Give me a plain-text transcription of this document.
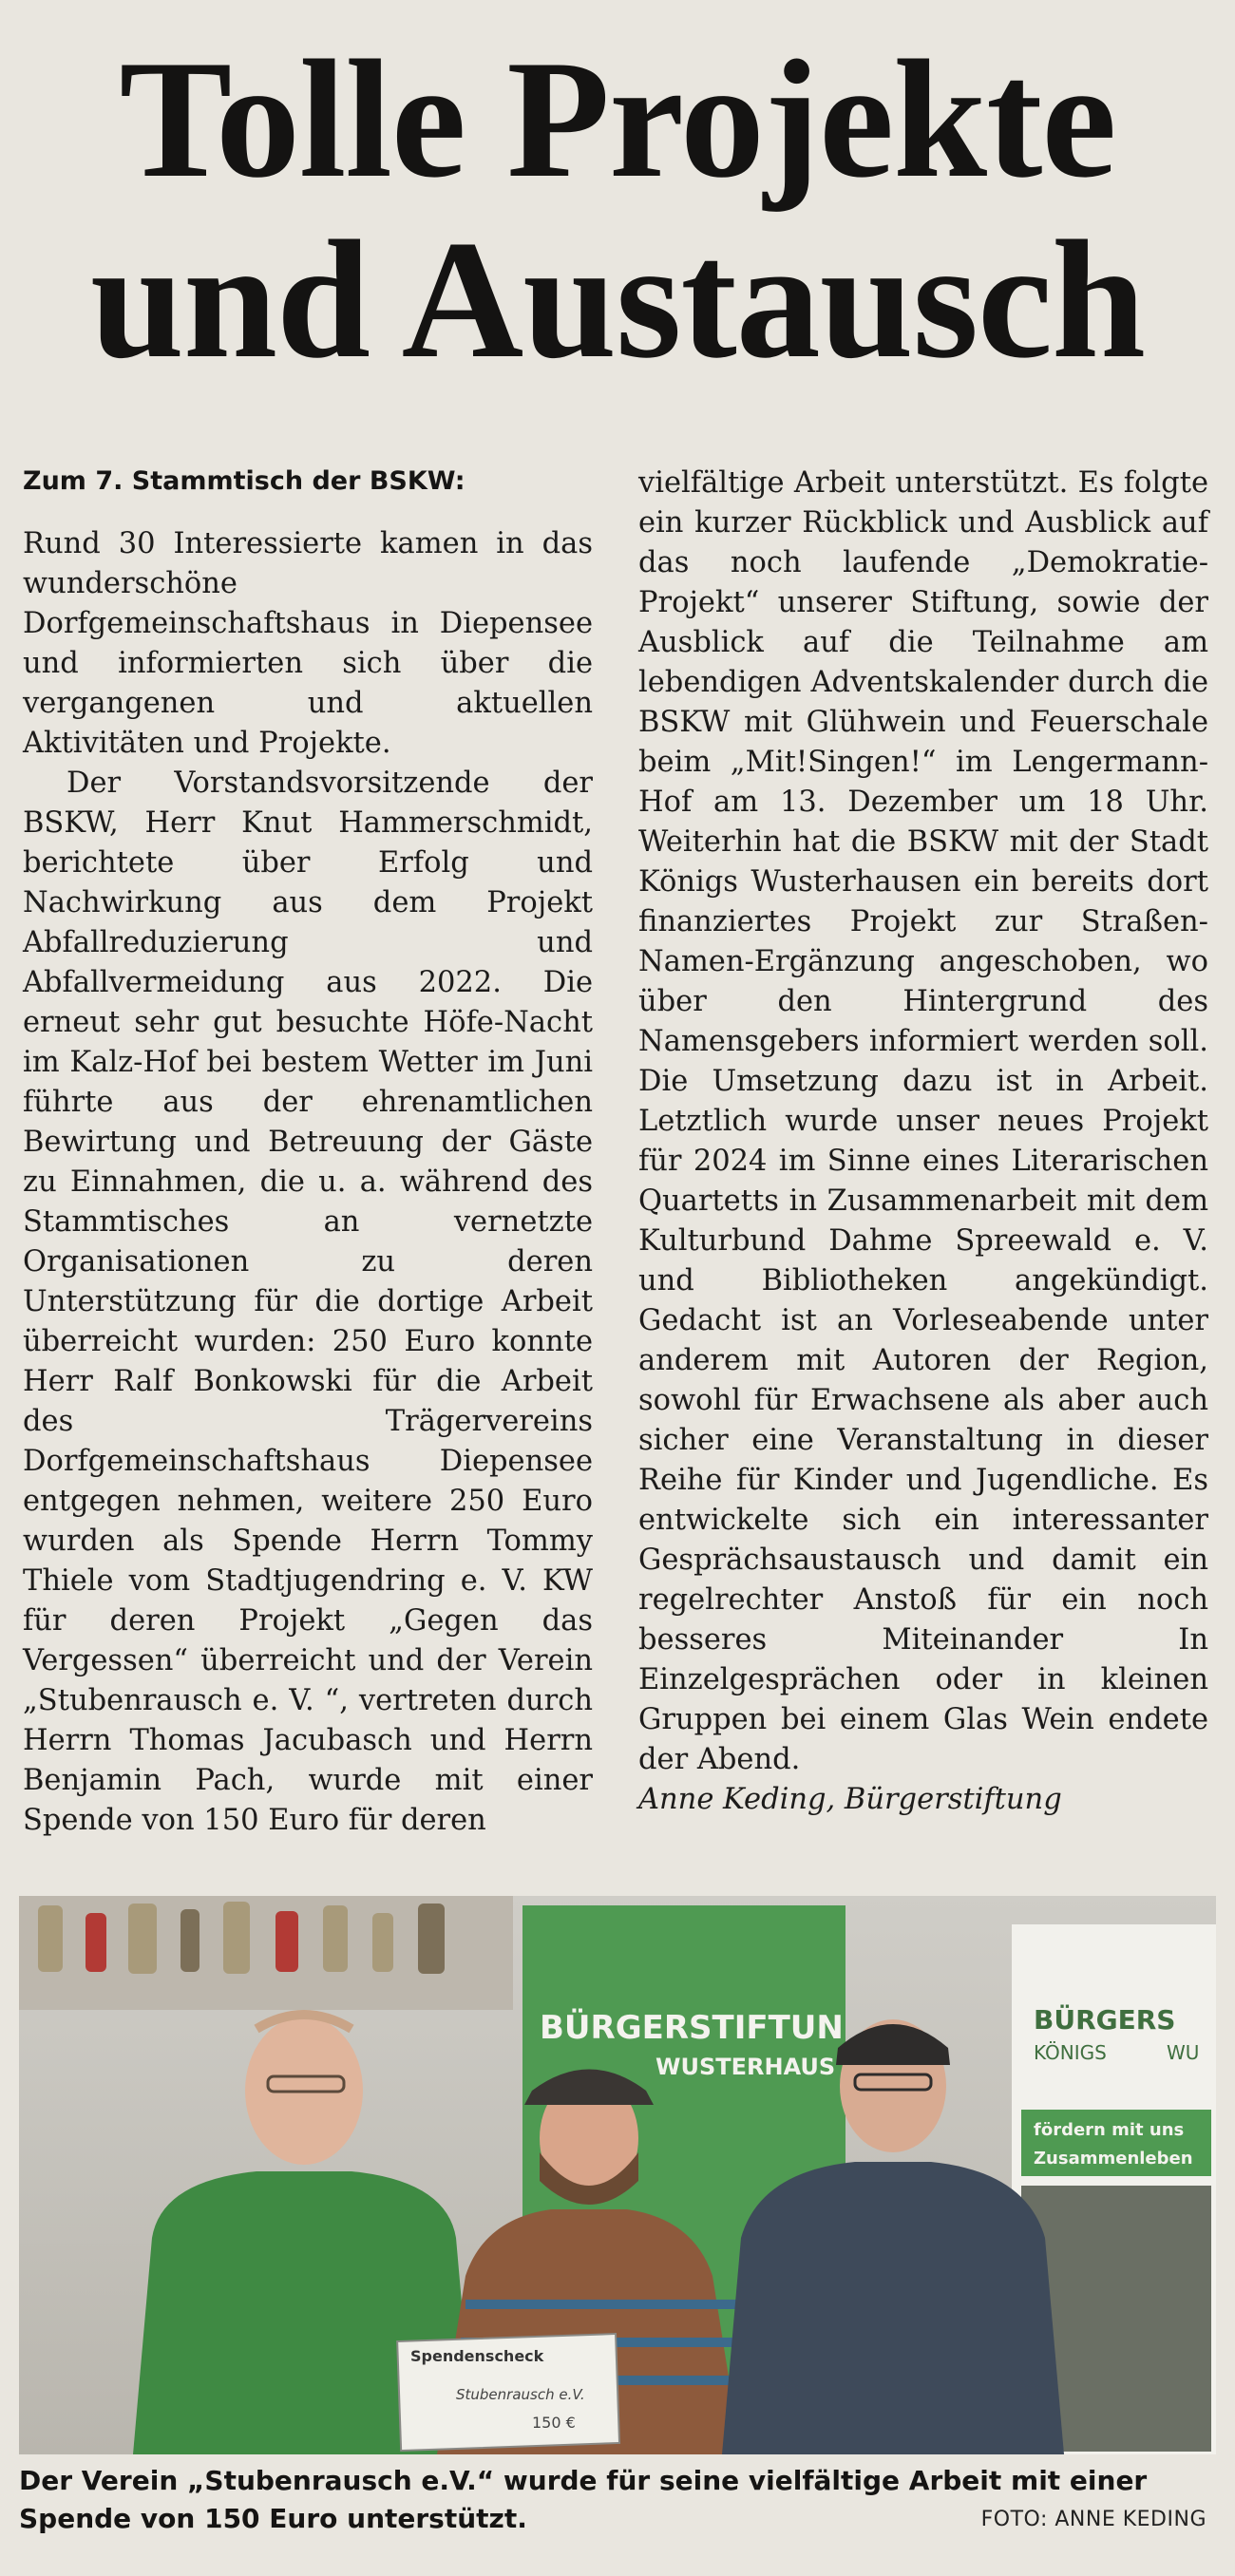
Tolle Projekte
und Austausch
Zum 7. Stammtisch der BSKW:

Rund 30 Interessierte kamen in das wunderschöne Dorfgemeinschaftshaus in Diepensee und informierten sich über die vergangenen und aktuellen Aktivitäten und Projekte.

Der Vorstandsvorsitzende der BSKW, Herr Knut Hammerschmidt, berichtete über Erfolg und Nachwirkung aus dem Projekt Abfallreduzierung und Abfallvermeidung aus 2022. Die erneut sehr gut besuchte Höfe-Nacht im Kalz-Hof bei bestem Wetter im Juni führte aus der ehrenamtlichen Bewirtung und Betreuung der Gäste zu Einnahmen, die u. a. während des Stammtisches an vernetzte Organisationen zu deren Unterstützung für die dortige Arbeit überreicht wurden: 250 Euro konnte Herr Ralf Bonkowski für die Arbeit des Trägervereins Dorfgemeinschaftshaus Diepensee entgegen nehmen, weitere 250 Euro wurden als Spende Herrn Tommy Thiele vom Stadtjugendring e. V. KW für deren Projekt „Gegen das Vergessen“ überreicht und der Verein „Stubenrausch e. V. “, vertreten durch Herrn Thomas Jacubasch und Herrn Benjamin Pach, wurde mit einer Spende von 150 Euro für deren

vielfältige Arbeit unterstützt. Es folgte ein kurzer Rückblick und Ausblick auf das noch laufende „Demokratie- Projekt“ unserer Stiftung, sowie der Ausblick auf die Teilnahme am lebendigen Adventskalender durch die BSKW mit Glühwein und Feuerschale beim „Mit!Singen!“ im Lengermann- Hof am 13. Dezember um 18 Uhr. Weiterhin hat die BSKW mit der Stadt Königs Wusterhausen ein bereits dort finanziertes Projekt zur Straßen-Namen-Ergänzung angeschoben, wo über den Hintergrund des Namensgebers informiert werden soll. Die Umsetzung dazu ist in Arbeit. Letztlich wurde unser neues Projekt für 2024 im Sinne eines Literarischen Quartetts in Zusammenarbeit mit dem Kulturbund Dahme Spreewald e. V. und Bibliotheken angekündigt. Gedacht ist an Vorleseabende unter anderem mit Autoren der Region, sowohl für Erwachsene als aber auch sicher eine Veranstaltung in dieser Reihe für Kinder und Jugendliche. Es entwickelte sich ein interessanter Gesprächsaustausch und damit ein regelrechter Anstoß für ein noch besseres Miteinander In Einzelgesprächen oder in kleinen Gruppen bei einem Glas Wein endete der Abend.

Anne Keding, Bürgerstiftung

BÜRGERSTIFTUN
WUSTERHAUS
BÜRGERS
KÖNIGS	WU
fördern mit uns
Zusammenleben
Spendenscheck
Stubenrausch e.V.
150 €
Der Verein „Stubenrausch e.V.“ wurde für seine vielfältige Arbeit mit einer Spende von 150 Euro unterstützt.	FOTO: ANNE KEDING
